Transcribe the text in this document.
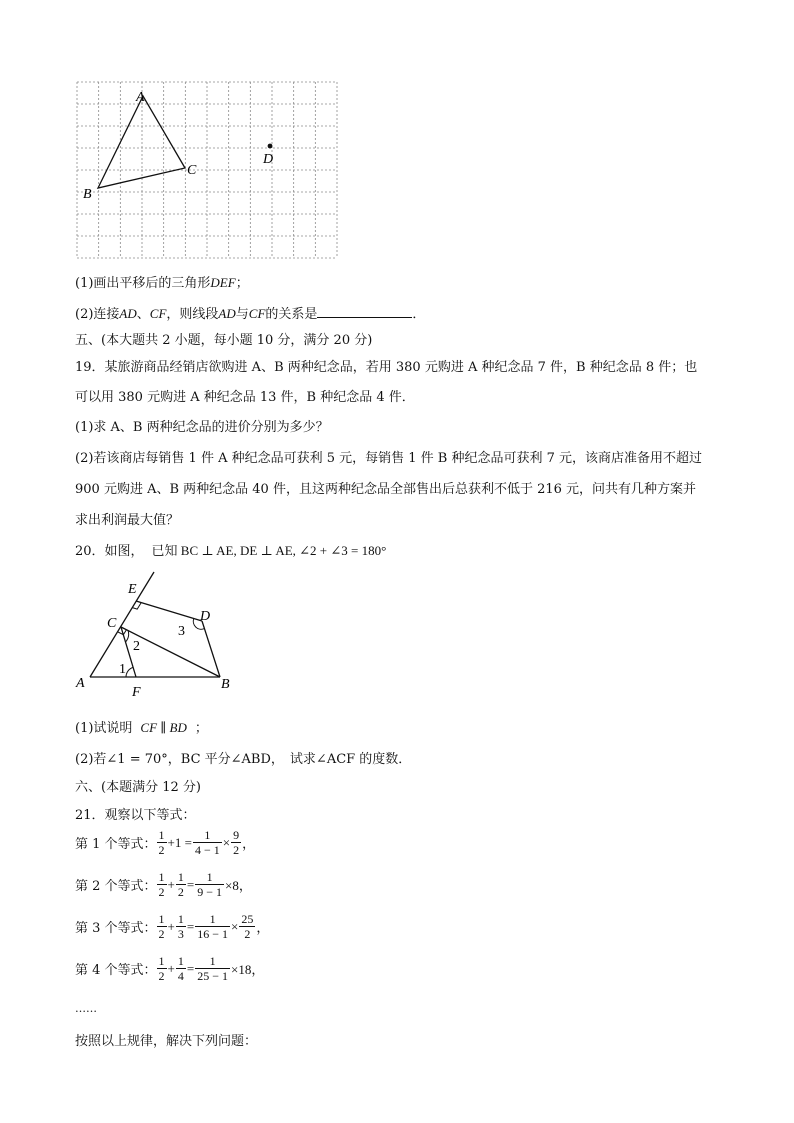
A
B
C
D
(1)画出平移后的三角形DEF；
(2)连接AD、CF，则线段AD与CF的关系是	．
五、(本大题共 2 小题，每小题 10 分，满分 20 分)
19．某旅游商品经销店欲购进 A、B 两种纪念品，若用 380 元购进 A 种纪念品 7 件，B 种纪念品 8 件；也
可以用 380 元购进 A 种纪念品 13 件，B 种纪念品 4 件．
(1)求 A、B 两种纪念品的进价分别为多少？
(2)若该商店每销售 1 件 A 种纪念品可获利 5 元，每销售 1 件 B 种纪念品可获利 7 元，该商店准备用不超过
900 元购进 A、B 两种纪念品 40 件，且这两种纪念品全部售出后总获利不低于 216 元，问共有几种方案并
求出利润最大值？
20．如图， 已知 BC ⊥ AE, DE ⊥ AE, ∠2 + ∠3 = 180°
E
D
C
3
2
1
A
F
B
(1)试说明 CF ∥ BD ；
(2)若∠1 = 70°，BC 平分∠ABD， 试求∠ACF 的度数．
六、(本题满分 12 分)
21．观察以下等式：
第 1 个等式： $\frac{1}{2} +1 = \frac{1}{4 - 1} \times \frac{9}{2}$ ，
第 2 个等式： $\frac{1}{2} + \frac{1}{2} = \frac{1}{9 - 1} \times 8$，
第 3 个等式： $\frac{1}{2} + \frac{1}{3} = \frac{1}{16 - 1} \times \frac{25}{2}$ ，
第 4 个等式： $\frac{1}{2} + \frac{1}{4} = \frac{1}{25 - 1} \times 18$，
……
按照以上规律，解决下列问题：
